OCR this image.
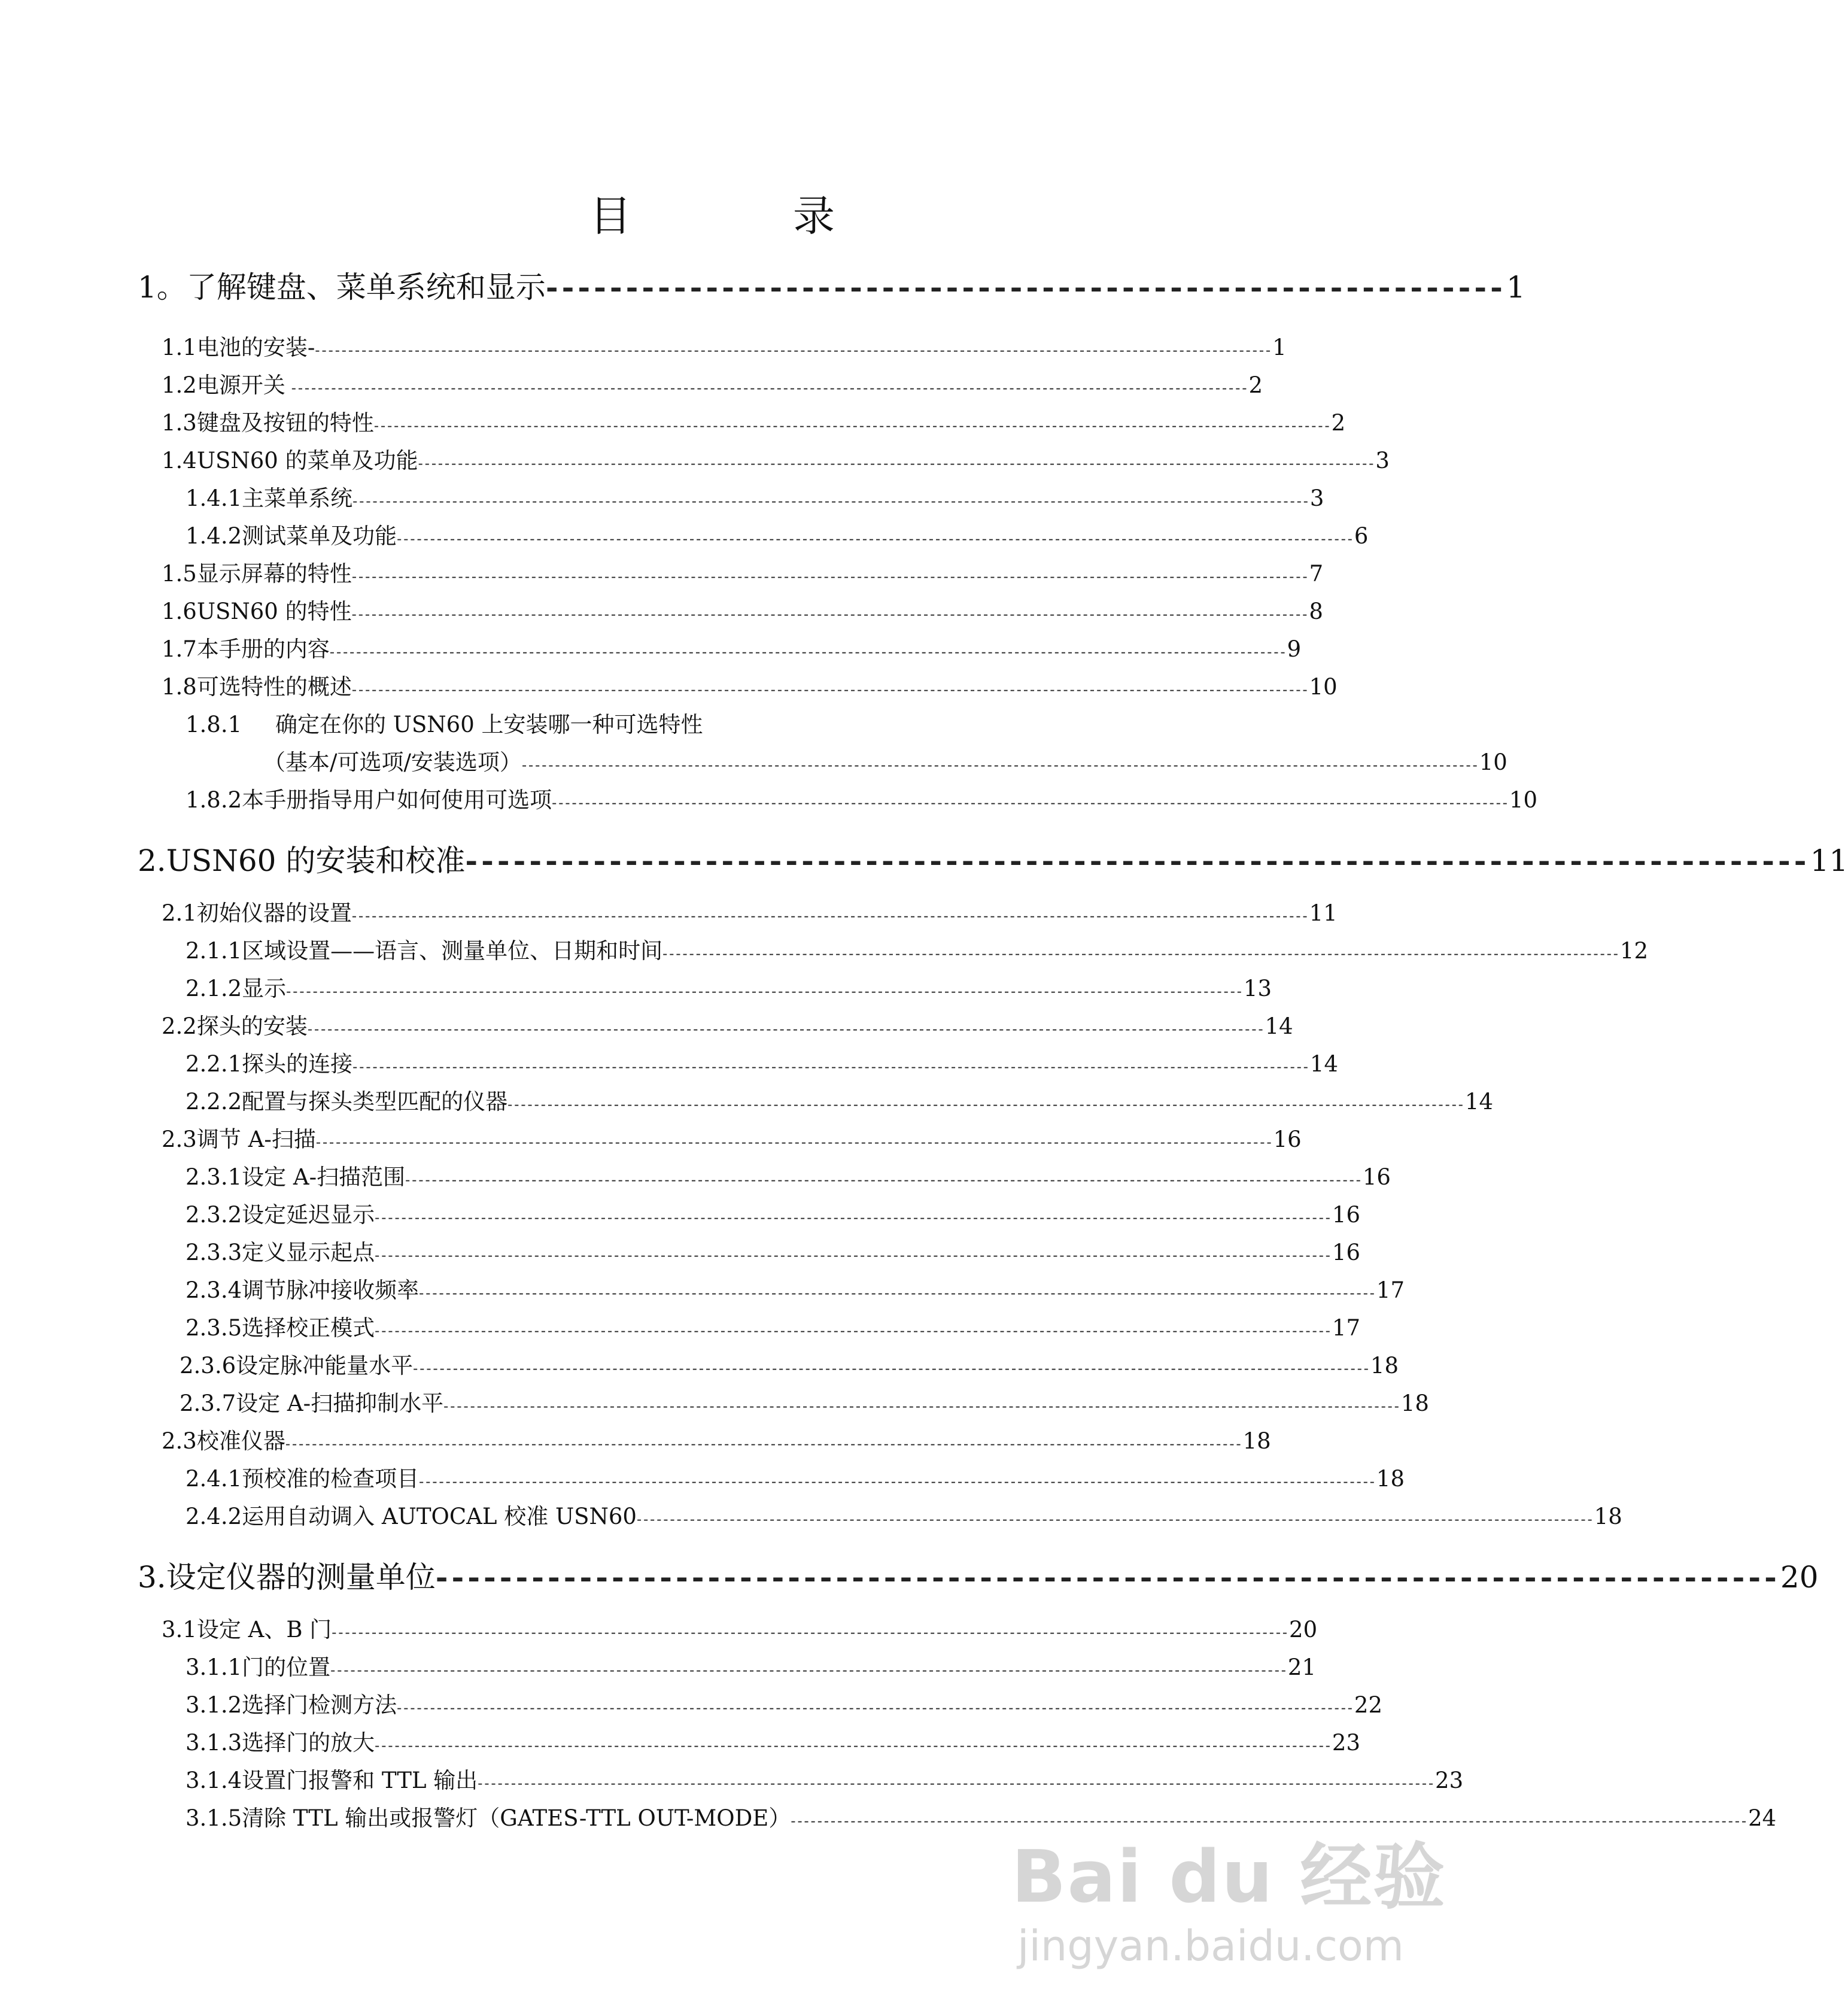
目　录
1。 了解键盘、菜单系统和显示 ------------------------------------------------------------ 1
1.1 电池的安装- ------------------------------------------------------------------------------------------------------------------------------------------------ 1
1.2 电源开关 ------------------------------------------------------------------------------------------------------------------------------------------------ 2
1.3 键盘及按钮的特性 ------------------------------------------------------------------------------------------------------------------------------------------------ 2
1.4 USN60 的菜单及功能 ------------------------------------------------------------------------------------------------------------------------------------------------ 3
1.4.1 主菜单系统 ------------------------------------------------------------------------------------------------------------------------------------------------ 3
1.4.2 测试菜单及功能 ------------------------------------------------------------------------------------------------------------------------------------------------ 6
1.5 显示屏幕的特性 ------------------------------------------------------------------------------------------------------------------------------------------------ 7
1.6 USN60 的特性 ------------------------------------------------------------------------------------------------------------------------------------------------ 8
1.7 本手册的内容 ------------------------------------------------------------------------------------------------------------------------------------------------ 9
1.8 可选特性的概述 ------------------------------------------------------------------------------------------------------------------------------------------------ 10
1.8.1	确定在你的 USN60 上安装哪一种可选特性
（基本/可选项/安装选项） ------------------------------------------------------------------------------------------------------------------------------------------------ 10
1.8.2 本手册指导用户如何使用可选项 ------------------------------------------------------------------------------------------------------------------------------------------------ 10
2. USN60 的安装和校准 ------------------------------------------------------------------------------------ 11
2.1 初始仪器的设置 ------------------------------------------------------------------------------------------------------------------------------------------------ 11
2.1.1 区域设置——语言、测量单位、日期和时间 ------------------------------------------------------------------------------------------------------------------------------------------------ 12
2.1.2 显示 ------------------------------------------------------------------------------------------------------------------------------------------------ 13
2.2 探头的安装 ------------------------------------------------------------------------------------------------------------------------------------------------ 14
2.2.1 探头的连接 ------------------------------------------------------------------------------------------------------------------------------------------------ 14
2.2.2 配置与探头类型匹配的仪器 ------------------------------------------------------------------------------------------------------------------------------------------------ 14
2.3 调节 A-扫描 ------------------------------------------------------------------------------------------------------------------------------------------------ 16
2.3.1 设定 A-扫描范围 ------------------------------------------------------------------------------------------------------------------------------------------------ 16
2.3.2 设定延迟显示 ------------------------------------------------------------------------------------------------------------------------------------------------ 16
2.3.3 定义显示起点 ------------------------------------------------------------------------------------------------------------------------------------------------ 16
2.3.4 调节脉冲接收频率 ------------------------------------------------------------------------------------------------------------------------------------------------ 17
2.3.5 选择校正模式 ------------------------------------------------------------------------------------------------------------------------------------------------ 17
2.3.6 设定脉冲能量水平 ------------------------------------------------------------------------------------------------------------------------------------------------ 18
2.3.7 设定 A-扫描抑制水平 ------------------------------------------------------------------------------------------------------------------------------------------------ 18
2.3 校准仪器 ------------------------------------------------------------------------------------------------------------------------------------------------ 18
2.4.1 预校准的检查项目 ------------------------------------------------------------------------------------------------------------------------------------------------ 18
2.4.2 运用自动调入 AUTOCAL 校准 USN60 ------------------------------------------------------------------------------------------------------------------------------------------------ 18
3. 设定仪器的测量单位 ------------------------------------------------------------------------------------ 20
3.1 设定 A、B 门 ------------------------------------------------------------------------------------------------------------------------------------------------ 20
3.1.1 门的位置 ------------------------------------------------------------------------------------------------------------------------------------------------ 21
3.1.2 选择门检测方法 ------------------------------------------------------------------------------------------------------------------------------------------------ 22
3.1.3 选择门的放大 ------------------------------------------------------------------------------------------------------------------------------------------------ 23
3.1.4 设置门报警和 TTL 输出 ------------------------------------------------------------------------------------------------------------------------------------------------ 23
3.1.5 清除 TTL 输出或报警灯（GATES-TTL OUT-MODE） ------------------------------------------------------------------------------------------------------------------------------------------------ 24
Bai du 经验
jingyan.baidu.com
